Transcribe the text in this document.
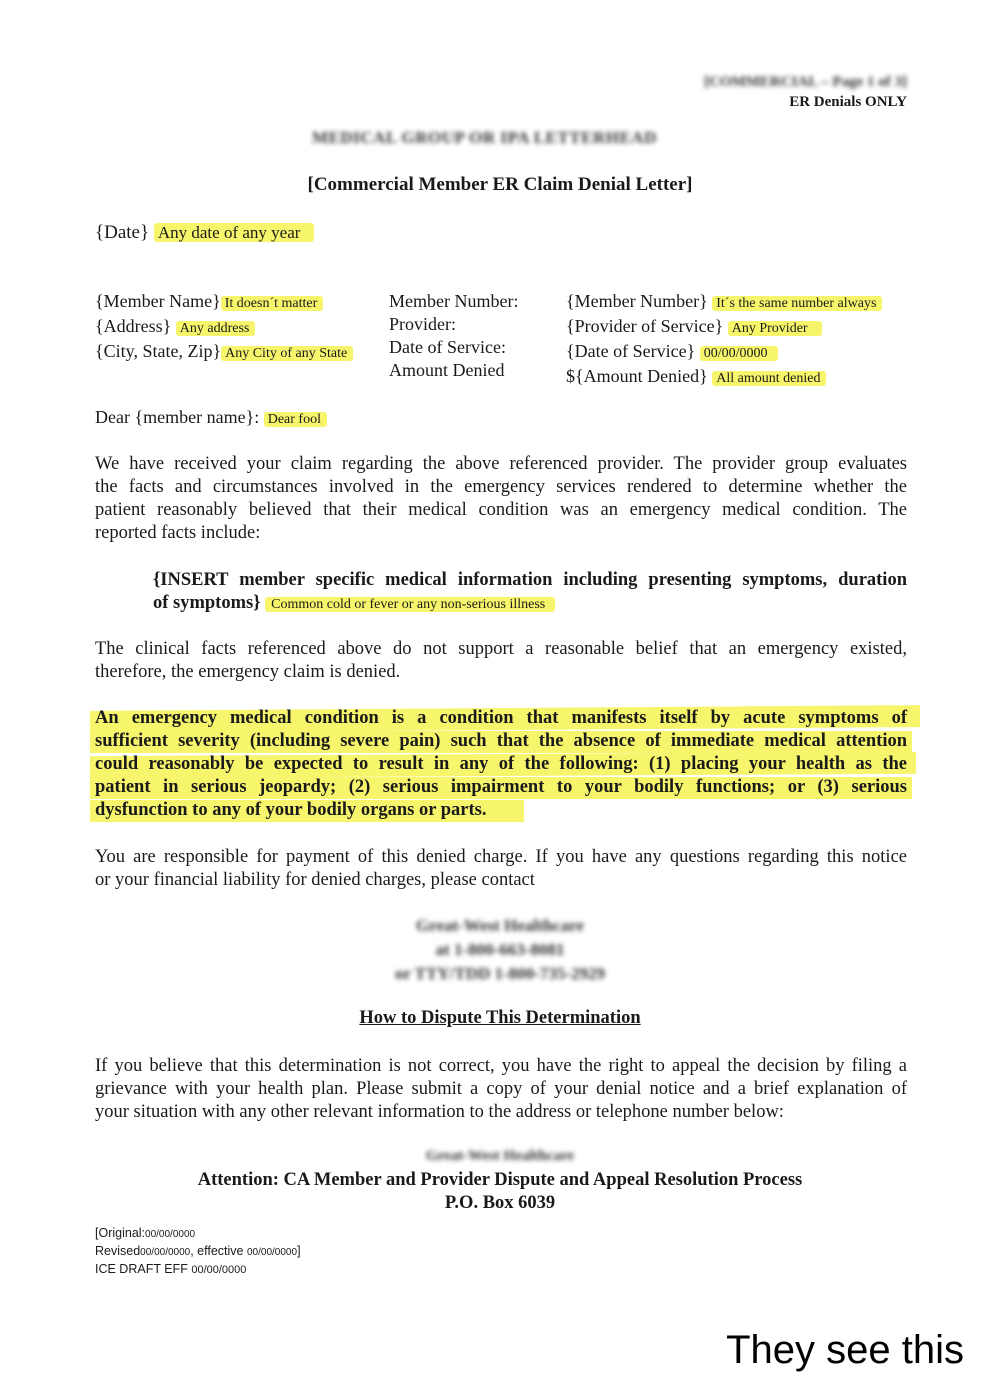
[COMMERCIAL – Page 1 of 3]
ER Denials ONLY
MEDICAL GROUP OR IPA LETTERHEAD
[Commercial Member ER Claim Denial Letter]
{Date} Any date of any year
{Member Name} It doesn´t matter
{Address} Any address
{City, State, Zip} Any City of any State
Member Number:
Provider:
Date of Service:
Amount Denied
{Member Number} It´s the same number always
{Provider of Service} Any Provider
{Date of Service} 00/00/0000
${Amount Denied} All amount denied
Dear {member name}: Dear fool
We have received your claim regarding the above referenced provider. The provider group evaluates
the facts and circumstances involved in the emergency services rendered to determine whether the
patient reasonably believed that their medical condition was an emergency medical condition. The
reported facts include:
{INSERT member specific medical information including presenting symptoms, duration
of symptoms} Common cold or fever or any non-serious illness
The clinical facts referenced above do not support a reasonable belief that an emergency existed,
therefore, the emergency claim is denied.
An emergency medical condition is a condition that manifests itself by acute symptoms of
sufficient severity (including severe pain) such that the absence of immediate medical attention
could reasonably be expected to result in any of the following: (1) placing your health as the
patient in serious jeopardy; (2) serious impairment to your bodily functions; or (3) serious
dysfunction to any of your bodily organs or parts.
You are responsible for payment of this denied charge. If you have any questions regarding this notice
or your financial liability for denied charges, please contact
Great-West Healthcare
at 1-800-663-8081
or TTY/TDD 1-800-735-2929
How to Dispute This Determination
If you believe that this determination is not correct, you have the right to appeal the decision by filing a
grievance with your health plan. Please submit a copy of your denial notice and a brief explanation of
your situation with any other relevant information to the address or telephone number below:
Great-West Healthcare
Attention: CA Member and Provider Dispute and Appeal Resolution Process
P.O. Box 6039
[Original:00/00/0000
Revised00/00/0000, effective 00/00/0000]
ICE DRAFT EFF 00/00/0000
They see this
